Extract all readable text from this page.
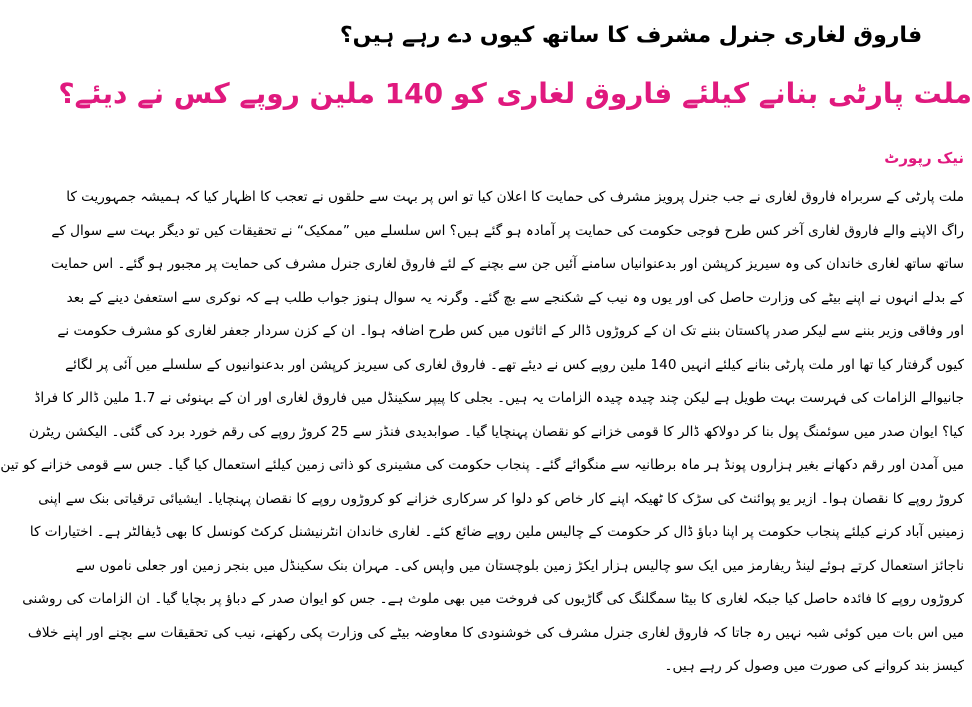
فاروق لغاری جنرل مشرف کا ساتھ کیوں دے رہے ہیں؟
ملت پارٹی بنانے کیلئے فاروق لغاری کو 140 ملین روپے کس نے دیئے؟
نیک رپورٹ
ملت پارٹی کے سربراہ فاروق لغاری نے جب جنرل پرویز مشرف کی حمایت کا اعلان کیا تو اس پر بہت سے حلقوں نے تعجب کا اظہار کیا کہ ہمیشہ جمہوریت کا
راگ الاپنے والے فاروق لغاری آخر کس طرح فوجی حکومت کی حمایت پر آمادہ ہو گئے ہیں؟ اس سلسلے میں ”ممکیک“ نے تحقیقات کیں تو دیگر بہت سے سوال کے
ساتھ ساتھ لغاری خاندان کی وہ سیریز کرپشن اور بدعنوانیاں سامنے آئیں جن سے بچنے کے لئے فاروق لغاری جنرل مشرف کی حمایت پر مجبور ہو گئے۔ اس حمایت
کے بدلے انہوں نے اپنے بیٹے کی وزارت حاصل کی اور یوں وہ نیب کے شکنجے سے بچ گئے۔ وگرنہ یہ سوال ہنوز جواب طلب ہے کہ نوکری سے استعفیٰ دینے کے بعد
اور وفاقی وزیر بننے سے لیکر صدر پاکستان بننے تک ان کے کروڑوں ڈالر کے اثاثوں میں کس طرح اضافہ ہوا۔ ان کے کزن سردار جعفر لغاری کو مشرف حکومت نے
کیوں گرفتار کیا تھا اور ملت پارٹی بنانے کیلئے انہیں 140 ملین روپے کس نے دیئے تھے۔ فاروق لغاری کی سیریز کرپشن اور بدعنوانیوں کے سلسلے میں آئی پر لگائے
جانیوالے الزامات کی فہرست بہت طویل ہے لیکن چند چیدہ چیدہ الزامات یہ ہیں۔ بجلی کا پیپر سکینڈل میں فاروق لغاری اور ان کے بہنوئی نے 1.7 ملین ڈالر کا فراڈ
کیا؟ ایوان صدر میں سوئمنگ پول بنا کر دولاکھ ڈالر کا قومی خزانے کو نقصان پہنچایا گیا۔ صوابدیدی فنڈز سے 25 کروڑ روپے کی رقم خورد برد کی گئی۔ الیکشن ریٹرن
میں آمدن اور رقم دکھانے بغیر ہزاروں پونڈ ہر ماہ برطانیہ سے منگوائے گئے۔ پنجاب حکومت کی مشینری کو ذاتی زمین کیلئے استعمال کیا گیا۔ جس سے قومی خزانے کو تین
کروڑ روپے کا نقصان ہوا۔ ازیر یو پوائنٹ کی سڑک کا ٹھیکہ اپنے کار خاص کو دلوا کر سرکاری خزانے کو کروڑوں روپے کا نقصان پہنچایا۔ ایشیائی ترقیاتی بنک سے اپنی
زمینیں آباد کرنے کیلئے پنجاب حکومت پر اپنا دباؤ ڈال کر حکومت کے چالیس ملین روپے ضائع کئے۔ لغاری خاندان انٹرنیشنل کرکٹ کونسل کا بھی ڈیفالٹر ہے۔ اختیارات کا
ناجائز استعمال کرتے ہوئے لینڈ ریفارمز میں ایک سو چالیس ہزار ایکڑ زمین بلوچستان میں واپس کی۔ مہران بنک سکینڈل میں بنجر زمین اور جعلی ناموں سے
کروڑوں روپے کا فائدہ حاصل کیا جبکہ لغاری کا بیٹا سمگلنگ کی گاڑیوں کی فروخت میں بھی ملوث ہے۔ جس کو ایوان صدر کے دباؤ پر بچایا گیا۔ ان الزامات کی روشنی
میں اس بات میں کوئی شبہ نہیں رہ جاتا کہ فاروق لغاری جنرل مشرف کی خوشنودی کا معاوضہ بیٹے کی وزارت پکی رکھنے، نیب کی تحقیقات سے بچنے اور اپنے خلاف
کیسز بند کروانے کی صورت میں وصول کر رہے ہیں۔
